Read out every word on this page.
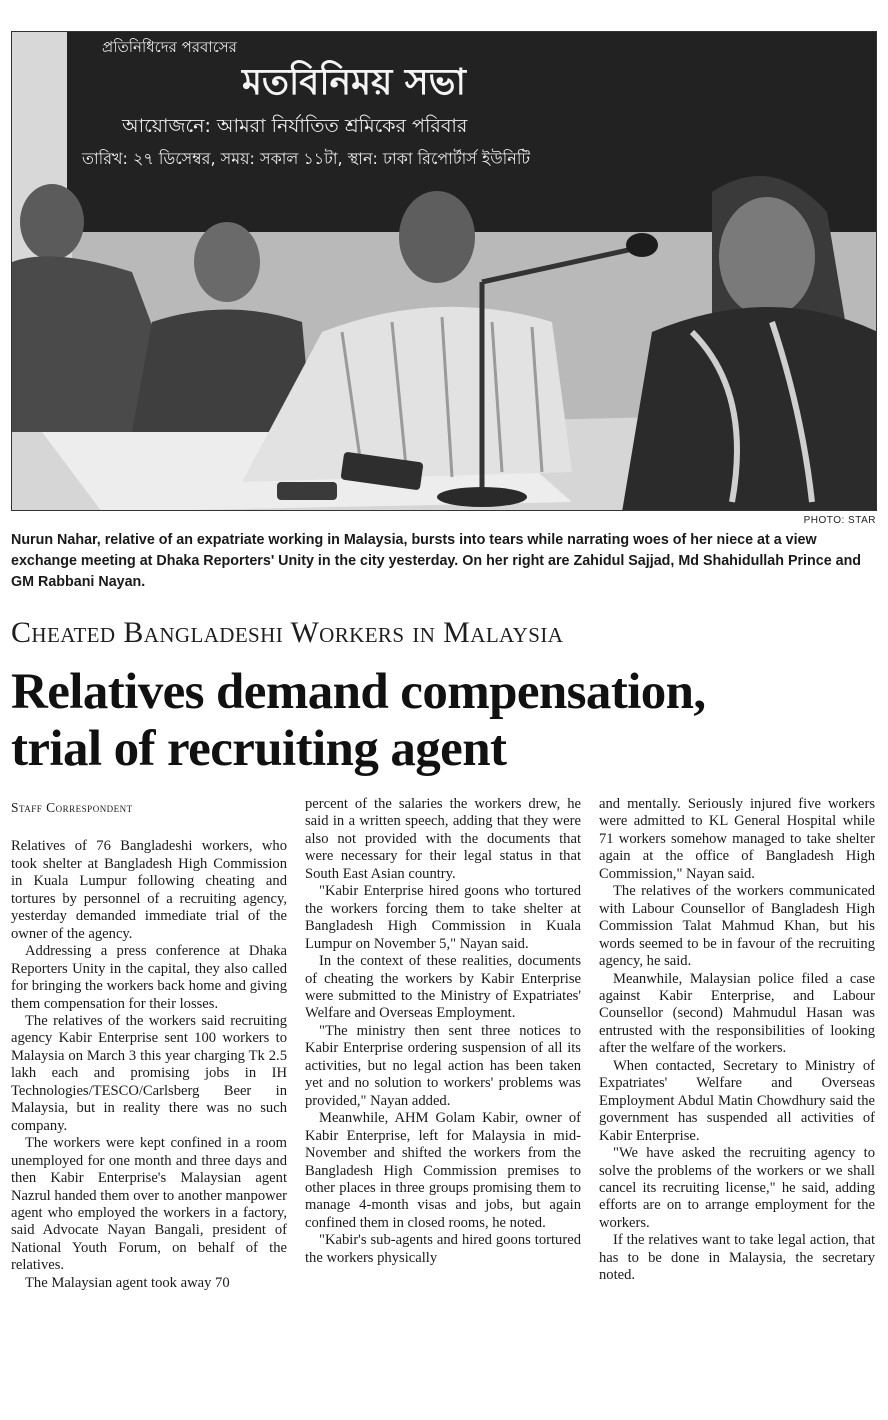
প্রতিনিধিদের পরবাসের
মতবিনিময় সভা
আয়োজনে: আমরা নির্যাতিত শ্রমিকের পরিবার
তারিখ: ২৭ ডিসেম্বর, সময়: সকাল ১১টা, স্থান: ঢাকা রিপোর্টার্স ইউনিটি
PHOTO: STAR
Nurun Nahar, relative of an expatriate working in Malaysia, bursts into tears while narrating woes of her niece at a view exchange meeting at Dhaka Reporters' Unity in the city yesterday. On her right are Zahidul Sajjad, Md Shahidullah Prince and GM Rabbani Nayan.
Cheated Bangladeshi Workers in Malaysia
Relatives demand compensation,
trial of recruiting agent
Staff Correspondent

Relatives of 76 Bangladeshi workers, who took shelter at Bangladesh High Commission in Kuala Lumpur following cheating and tortures by personnel of a recruiting agency, yesterday demanded immediate trial of the owner of the agency.

Addressing a press conference at Dhaka Reporters Unity in the capital, they also called for bringing the workers back home and giving them compensation for their losses.

The relatives of the workers said recruiting agency Kabir Enterprise sent 100 workers to Malaysia on March 3 this year charging Tk 2.5 lakh each and promising jobs in IH Technologies/TESCO/Carlsberg Beer in Malaysia, but in reality there was no such company.

The workers were kept confined in a room unemployed for one month and three days and then Kabir Enterprise's Malaysian agent Nazrul handed them over to another manpower agent who employed the workers in a factory, said Advocate Nayan Bangali, president of National Youth Forum, on behalf of the relatives.

The Malaysian agent took away 70

percent of the salaries the workers drew, he said in a written speech, adding that they were also not provided with the documents that were necessary for their legal status in that South East Asian country.

"Kabir Enterprise hired goons who tortured the workers forcing them to take shelter at Bangladesh High Commission in Kuala Lumpur on November 5," Nayan said.

In the context of these realities, documents of cheating the workers by Kabir Enterprise were submitted to the Ministry of Expatriates' Welfare and Overseas Employment.

"The ministry then sent three notices to Kabir Enterprise ordering suspension of all its activities, but no legal action has been taken yet and no solution to workers' problems was provided," Nayan added.

Meanwhile, AHM Golam Kabir, owner of Kabir Enterprise, left for Malaysia in mid-November and shifted the workers from the Bangladesh High Commission premises to other places in three groups promising them to manage 4-month visas and jobs, but again confined them in closed rooms, he noted.

"Kabir's sub-agents and hired goons tortured the workers physically

and mentally. Seriously injured five workers were admitted to KL General Hospital while 71 workers somehow managed to take shelter again at the office of Bangladesh High Commission," Nayan said.

The relatives of the workers communicated with Labour Counsellor of Bangladesh High Commission Talat Mahmud Khan, but his words seemed to be in favour of the recruiting agency, he said.

Meanwhile, Malaysian police filed a case against Kabir Enterprise, and Labour Counsellor (second) Mahmudul Hasan was entrusted with the responsibilities of looking after the welfare of the workers.

When contacted, Secretary to Ministry of Expatriates' Welfare and Overseas Employment Abdul Matin Chowdhury said the government has suspended all activities of Kabir Enterprise.

"We have asked the recruiting agency to solve the problems of the workers or we shall cancel its recruiting license," he said, adding efforts are on to arrange employment for the workers.

If the relatives want to take legal action, that has to be done in Malaysia, the secretary noted.
